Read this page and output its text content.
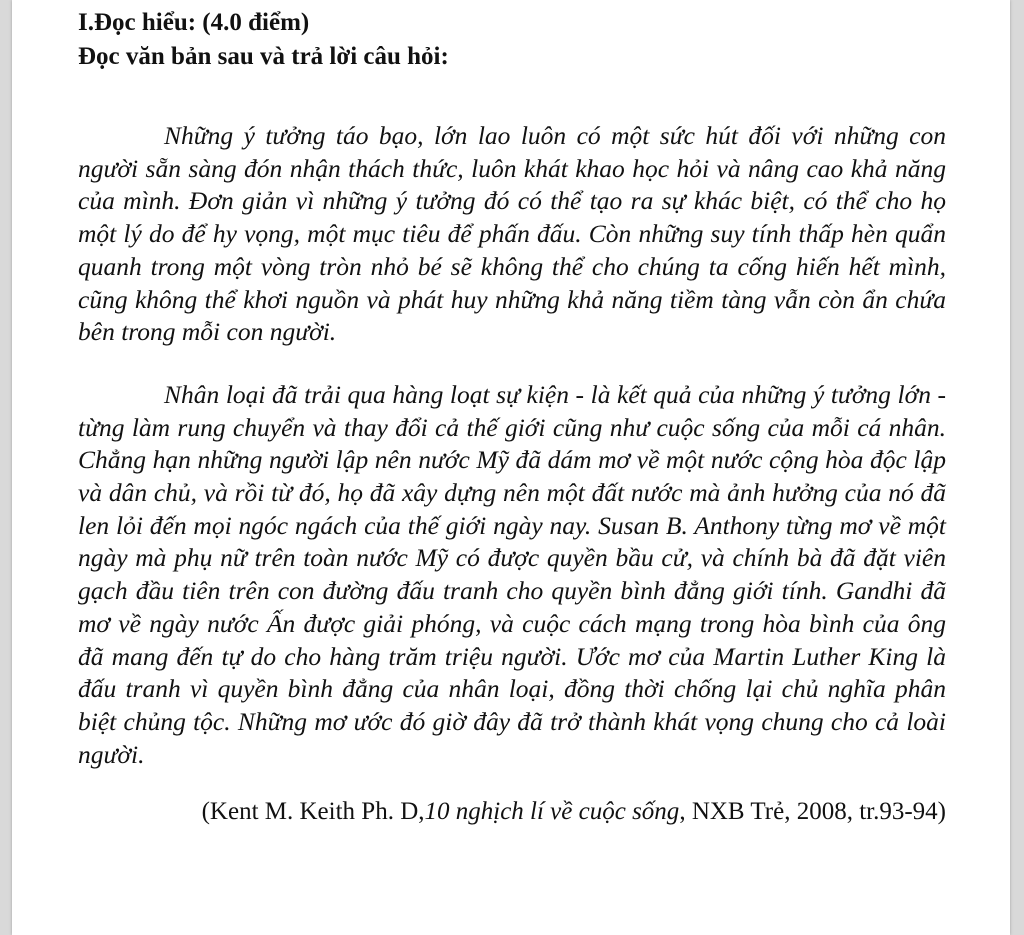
I.Đọc hiểu: (4.0 điểm)

Đọc văn bản sau và trả lời câu hỏi:

Những ý tưởng táo bạo, lớn lao luôn có một sức hút đối với những con người sẵn sàng đón nhận thách thức, luôn khát khao học hỏi và nâng cao khả năng của mình. Đơn giản vì những ý tưởng đó có thể tạo ra sự khác biệt, có thể cho họ một lý do để hy vọng, một mục tiêu để phấn đấu. Còn những suy tính thấp hèn quẩn quanh trong một vòng tròn nhỏ bé sẽ không thể cho chúng ta cống hiến hết mình, cũng không thể khơi nguồn và phát huy những khả năng tiềm tàng vẫn còn ẩn chứa bên trong mỗi con người.

Nhân loại đã trải qua hàng loạt sự kiện - là kết quả của những ý tưởng lớn - từng làm rung chuyển và thay đổi cả thế giới cũng như cuộc sống của mỗi cá nhân. Chẳng hạn những người lập nên nước Mỹ đã dám mơ về một nước cộng hòa độc lập và dân chủ, và rồi từ đó, họ đã xây dựng nên một đất nước mà ảnh hưởng của nó đã len lỏi đến mọi ngóc ngách của thế giới ngày nay. Susan B. Anthony từng mơ về một ngày mà phụ nữ trên toàn nước Mỹ có được quyền bầu cử, và chính bà đã đặt viên gạch đầu tiên trên con đường đấu tranh cho quyền bình đẳng giới tính. Gandhi đã mơ về ngày nước Ấn được giải phóng, và cuộc cách mạng trong hòa bình của ông đã mang đến tự do cho hàng trăm triệu người. Ước mơ của Martin Luther King là đấu tranh vì quyền bình đẳng của nhân loại, đồng thời chống lại chủ nghĩa phân biệt chủng tộc. Những mơ ước đó giờ đây đã trở thành khát vọng chung cho cả loài người.

(Kent M. Keith Ph. D,10 nghịch lí về cuộc sống, NXB Trẻ, 2008, tr.93-94)
